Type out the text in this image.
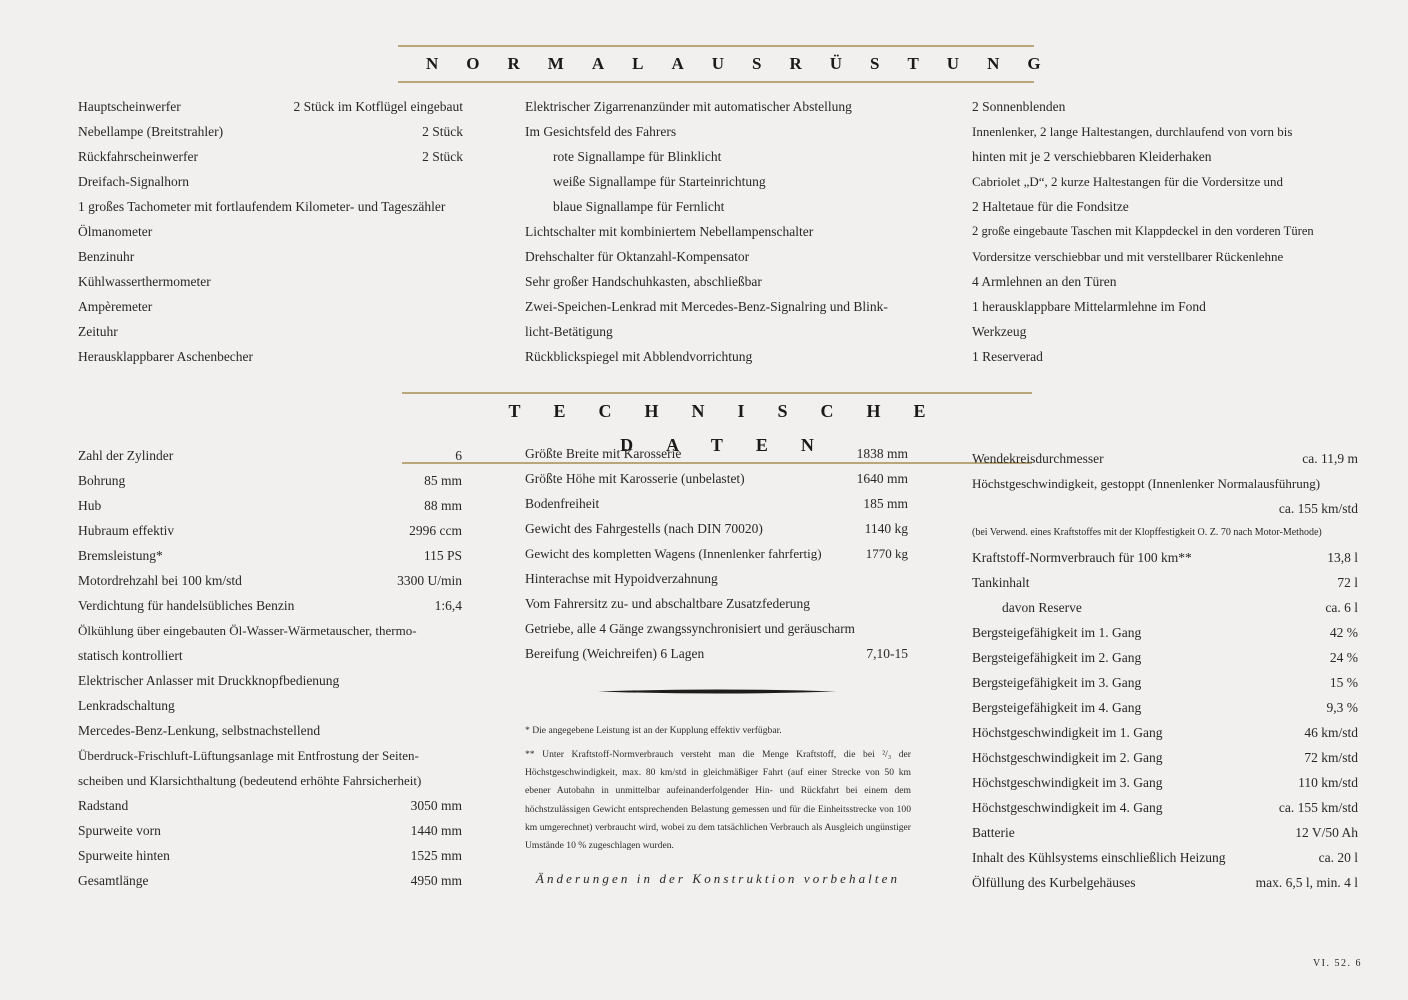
NORMALAUSRÜSTUNG
Hauptscheinwerfer	2 Stück im Kotflügel eingebaut
Nebellampe (Breitstrahler)	2 Stück
Rückfahrscheinwerfer	2 Stück
Dreifach-Signalhorn
1 großes Tachometer mit fortlaufendem Kilometer- und Tageszähler
Ölmanometer
Benzinuhr
Kühlwasserthermometer
Ampèremeter
Zeituhr
Herausklappbarer Aschenbecher
Elektrischer Zigarrenanzünder mit automatischer Abstellung
Im Gesichtsfeld des Fahrers
rote Signallampe für Blinklicht
weiße Signallampe für Starteinrichtung
blaue Signallampe für Fernlicht
Lichtschalter mit kombiniertem Nebellampenschalter
Drehschalter für Oktanzahl-Kompensator
Sehr großer Handschuhkasten, abschließbar
Zwei-Speichen-Lenkrad mit Mercedes-Benz-Signalring und Blink-
licht-Betätigung
Rückblickspiegel mit Abblendvorrichtung
2 Sonnenblenden
Innenlenker, 2 lange Haltestangen, durchlaufend von vorn bis
hinten mit je 2 verschiebbaren Kleiderhaken
Cabriolet „D“, 2 kurze Haltestangen für die Vordersitze und
2 Haltetaue für die Fondsitze
2 große eingebaute Taschen mit Klappdeckel in den vorderen Türen
Vordersitze verschiebbar und mit verstellbarer Rückenlehne
4 Armlehnen an den Türen
1 herausklappbare Mittelarmlehne im Fond
Werkzeug
1 Reserverad
TECHNISCHE DATEN
Zahl der Zylinder	6
Bohrung	85 mm
Hub	88 mm
Hubraum effektiv	2996 ccm
Bremsleistung*	115 PS
Motordrehzahl bei 100 km/std	3300 U/min
Verdichtung für handelsübliches Benzin	1:6,4
Ölkühlung über eingebauten Öl-Wasser-Wärmetauscher, thermo-
statisch kontrolliert
Elektrischer Anlasser mit Druckknopfbedienung
Lenkradschaltung
Mercedes-Benz-Lenkung, selbstnachstellend
Überdruck-Frischluft-Lüftungsanlage mit Entfrostung der Seiten-
scheiben und Klarsichthaltung (bedeutend erhöhte Fahrsicherheit)
Radstand	3050 mm
Spurweite vorn	1440 mm
Spurweite hinten	1525 mm
Gesamtlänge	4950 mm
Größte Breite mit Karosserie	1838 mm
Größte Höhe mit Karosserie (unbelastet)	1640 mm
Bodenfreiheit	185 mm
Gewicht des Fahrgestells (nach DIN 70020)	1140 kg
Gewicht des kompletten Wagens (Innenlenker fahrfertig)	1770 kg
Hinterachse mit Hypoidverzahnung
Vom Fahrersitz zu- und abschaltbare Zusatzfederung
Getriebe, alle 4 Gänge zwangssynchronisiert und geräuscharm
Bereifung (Weichreifen) 6 Lagen	7,10-15
* Die angegebene Leistung ist an der Kupplung effektiv verfügbar.
** Unter Kraftstoff-Normverbrauch versteht man die Menge Kraftstoff, die bei ²/₃ der Höchstgeschwindigkeit, max. 80 km/std in gleichmäßiger Fahrt (auf einer Strecke von 50 km ebener Autobahn in unmittelbar aufeinanderfolgender Hin- und Rückfahrt bei einem dem höchstzulässigen Gewicht entsprechenden Belastung gemessen und für die Einheitsstrecke von 100 km umgerechnet) verbraucht wird, wobei zu dem tatsächlichen Verbrauch als Ausgleich ungünstiger Umstände 10 % zugeschlagen wurden.
Änderungen in der Konstruktion vorbehalten
Wendekreisdurchmesser	ca. 11,9 m
Höchstgeschwindigkeit, gestoppt (Innenlenker Normalausführung)
ca. 155 km/std
(bei Verwend. eines Kraftstoffes mit der Klopffestigkeit O. Z. 70 nach Motor-Methode)
Kraftstoff-Normverbrauch für 100 km**	13,8 l
Tankinhalt	72 l
davon Reserve	ca. 6 l
Bergsteigefähigkeit im 1. Gang	42 %
Bergsteigefähigkeit im 2. Gang	24 %
Bergsteigefähigkeit im 3. Gang	15 %
Bergsteigefähigkeit im 4. Gang	9,3 %
Höchstgeschwindigkeit im 1. Gang	46 km/std
Höchstgeschwindigkeit im 2. Gang	72 km/std
Höchstgeschwindigkeit im 3. Gang	110 km/std
Höchstgeschwindigkeit im 4. Gang	ca. 155 km/std
Batterie	12 V/50 Ah
Inhalt des Kühlsystems einschließlich Heizung	ca. 20 l
Ölfüllung des Kurbelgehäuses	max. 6,5 l, min. 4 l
VI. 52. 6
